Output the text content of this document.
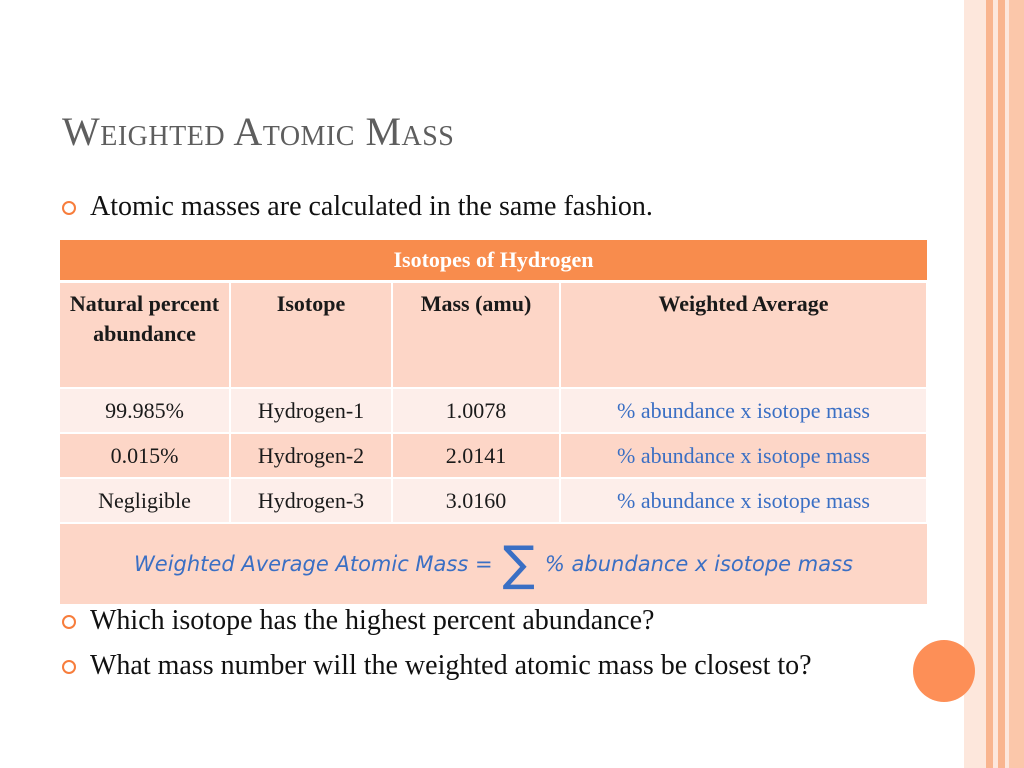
Weighted Atomic Mass
Atomic masses are calculated in the same fashion.
Isotopes of Hydrogen			
Natural percent abundance	Isotope	Mass (amu)	Weighted Average
99.985%	Hydrogen-1	1.0078	% abundance x isotope mass
0.015%	Hydrogen-2	2.0141	% abundance x isotope mass
Negligible	Hydrogen-3	3.0160	% abundance x isotope mass

Weighted Average Atomic Mass = ∑ % abundance x isotope mass			
Which isotope has the highest percent abundance?
What mass number will the weighted atomic mass be closest to?
